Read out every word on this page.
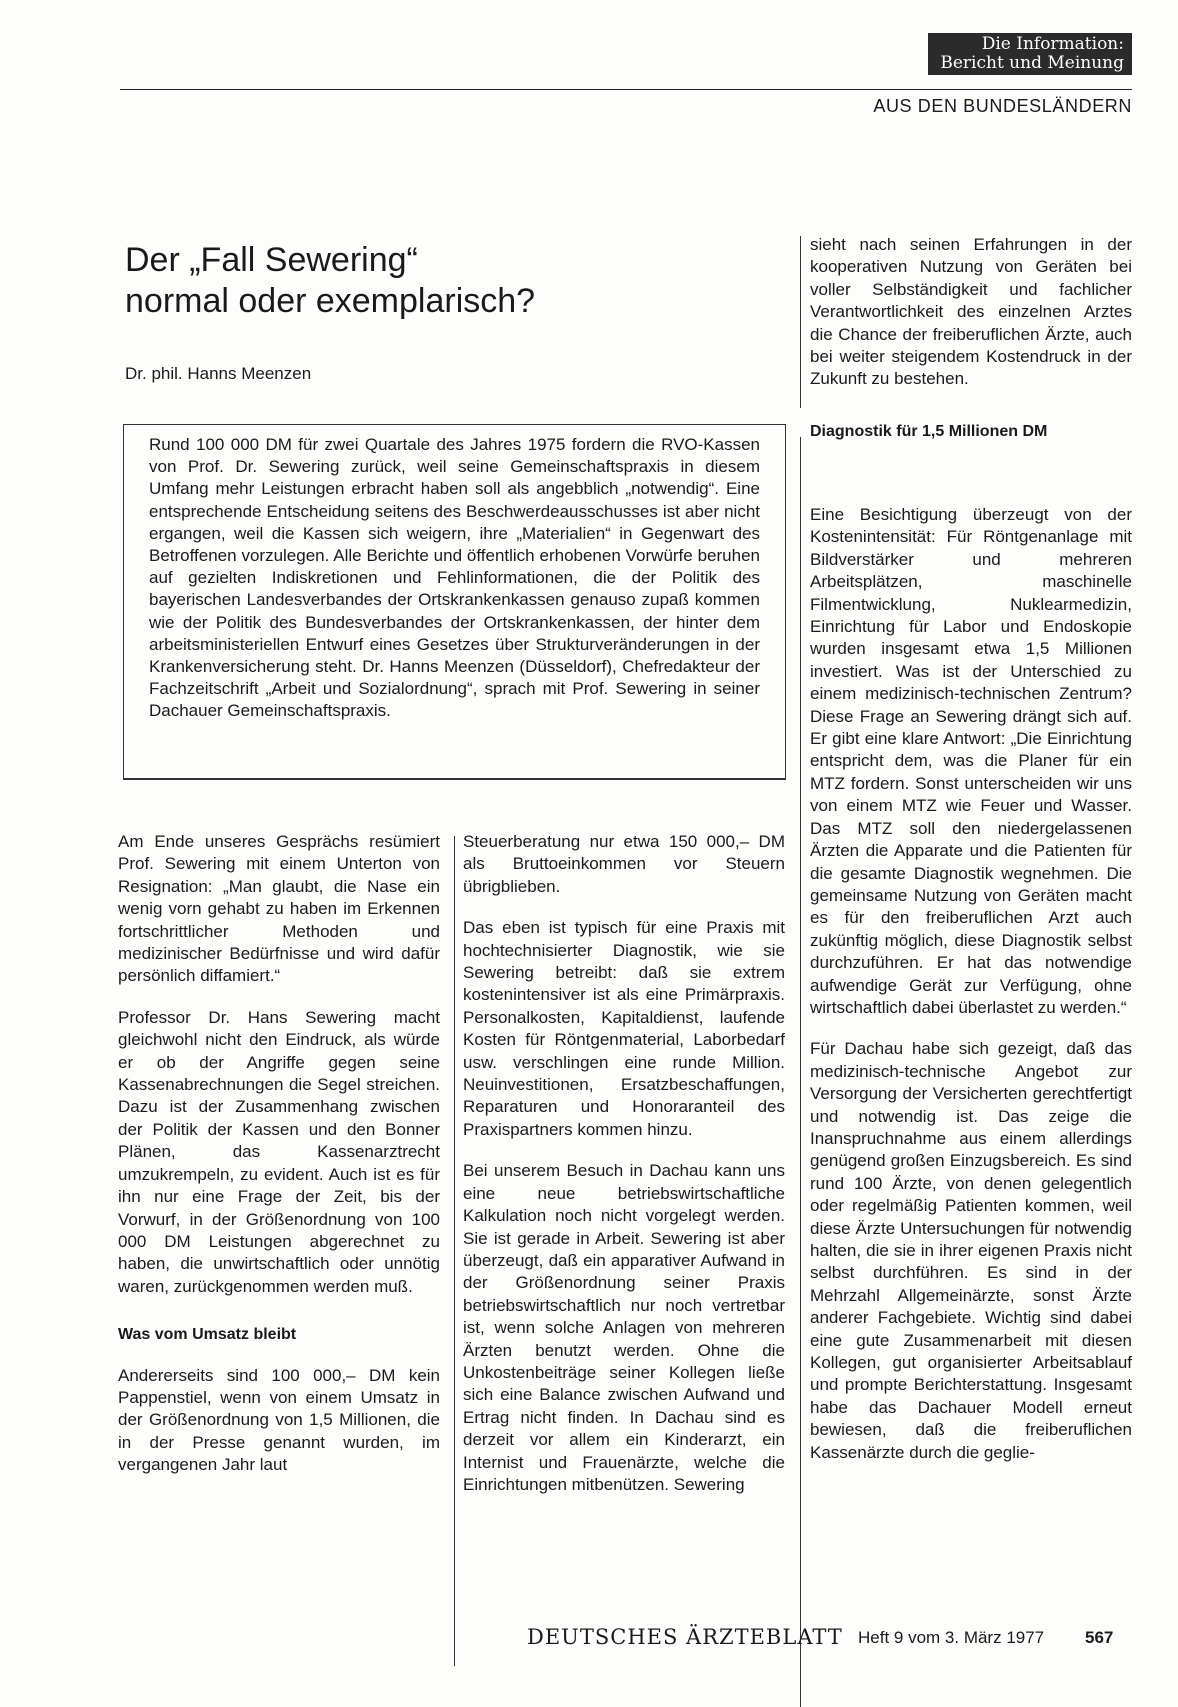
Die Information:
Bericht und Meinung
AUS DEN BUNDESLÄNDERN
Der „Fall Sewering“
normal oder exemplarisch?
Dr. phil. Hanns Meenzen

Rund 100 000 DM für zwei Quartale des Jahres 1975 fordern die RVO-Kassen von Prof. Dr. Sewering zurück, weil seine Gemeinschaftspraxis in diesem Umfang mehr Leistungen erbracht haben soll als angebblich „notwendig“. Eine entsprechende Entscheidung seitens des Beschwerdeausschusses ist aber nicht ergangen, weil die Kassen sich weigern, ihre „Materialien“ in Gegenwart des Betroffenen vorzulegen. Alle Berichte und öffentlich erhobenen Vorwürfe beruhen auf gezielten Indiskretionen und Fehlinformationen, die der Politik des bayerischen Landesverbandes der Ortskrankenkassen genauso zupaß kommen wie der Politik des Bundesverbandes der Ortskrankenkassen, der hinter dem arbeitsministeriellen Entwurf eines Gesetzes über Strukturveränderungen in der Krankenversicherung steht. Dr. Hanns Meenzen (Düsseldorf), Chefredakteur der Fachzeitschrift „Arbeit und Sozialordnung“, sprach mit Prof. Sewering in seiner Dachauer Gemeinschaftspraxis.

Am Ende unseres Gesprächs resümiert Prof. Sewering mit einem Unterton von Resignation: „Man glaubt, die Nase ein wenig vorn gehabt zu haben im Erkennen fortschrittlicher Methoden und medizinischer Bedürfnisse und wird dafür persönlich diffamiert.“

Professor Dr. Hans Sewering macht gleichwohl nicht den Eindruck, als würde er ob der Angriffe gegen seine Kassenabrechnungen die Segel streichen. Dazu ist der Zusammenhang zwischen der Politik der Kassen und den Bonner Plänen, das Kassenarztrecht umzukrempeln, zu evident. Auch ist es für ihn nur eine Frage der Zeit, bis der Vorwurf, in der Größenordnung von 100 000 DM Leistungen abgerechnet zu haben, die unwirtschaftlich oder unnötig waren, zurückgenommen werden muß.

Was vom Umsatz bleibt

Andererseits sind 100 000,– DM kein Pappenstiel, wenn von einem Umsatz in der Größenordnung von 1,5 Millionen, die in der Presse genannt wurden, im vergangenen Jahr laut

Steuerberatung nur etwa 150 000,– DM als Bruttoeinkommen vor Steuern übrigblieben.

Das eben ist typisch für eine Praxis mit hochtechnisierter Diagnostik, wie sie Sewering betreibt: daß sie extrem kostenintensiver ist als eine Primärpraxis. Personalkosten, Kapitaldienst, laufende Kosten für Röntgenmaterial, Laborbedarf usw. verschlingen eine runde Million. Neuinvestitionen, Ersatzbeschaffungen, Reparaturen und Honoraranteil des Praxispartners kommen hinzu.

Bei unserem Besuch in Dachau kann uns eine neue betriebswirtschaftliche Kalkulation noch nicht vorgelegt werden. Sie ist gerade in Arbeit. Sewering ist aber überzeugt, daß ein apparativer Aufwand in der Größenordnung seiner Praxis betriebswirtschaftlich nur noch vertretbar ist, wenn solche Anlagen von mehreren Ärzten benutzt werden. Ohne die Unkostenbeiträge seiner Kollegen ließe sich eine Balance zwischen Aufwand und Ertrag nicht finden. In Dachau sind es derzeit vor allem ein Kinderarzt, ein Internist und Frauenärzte, welche die Einrichtungen mitbenützen. Sewering

sieht nach seinen Erfahrungen in der kooperativen Nutzung von Geräten bei voller Selbständigkeit und fachlicher Verantwortlichkeit des einzelnen Arztes die Chance der freiberuflichen Ärzte, auch bei weiter steigendem Kostendruck in der Zukunft zu bestehen.

Diagnostik für 1,5 Millionen DM

Eine Besichtigung überzeugt von der Kostenintensität: Für Röntgenanlage mit Bildverstärker und mehreren Arbeitsplätzen, maschinelle Filmentwicklung, Nuklearmedizin, Einrichtung für Labor und Endoskopie wurden insgesamt etwa 1,5 Millionen investiert. Was ist der Unterschied zu einem medizinisch-technischen Zentrum? Diese Frage an Sewering drängt sich auf. Er gibt eine klare Antwort: „Die Einrichtung entspricht dem, was die Planer für ein MTZ fordern. Sonst unterscheiden wir uns von einem MTZ wie Feuer und Wasser. Das MTZ soll den niedergelassenen Ärzten die Apparate und die Patienten für die gesamte Diagnostik wegnehmen. Die gemeinsame Nutzung von Geräten macht es für den freiberuflichen Arzt auch zukünftig möglich, diese Diagnostik selbst durchzuführen. Er hat das notwendige aufwendige Gerät zur Verfügung, ohne wirtschaftlich dabei überlastet zu werden.“

Für Dachau habe sich gezeigt, daß das medizinisch-technische Angebot zur Versorgung der Versicherten gerechtfertigt und notwendig ist. Das zeige die Inanspruchnahme aus einem allerdings genügend großen Einzugsbereich. Es sind rund 100 Ärzte, von denen gelegentlich oder regelmäßig Patienten kommen, weil diese Ärzte Untersuchungen für notwendig halten, die sie in ihrer eigenen Praxis nicht selbst durchführen. Es sind in der Mehrzahl Allgemeinärzte, sonst Ärzte anderer Fachgebiete. Wichtig sind dabei eine gute Zusammenarbeit mit diesen Kollegen, gut organisierter Arbeitsablauf und prompte Berichterstattung. Insgesamt habe das Dachauer Modell erneut bewiesen, daß die freiberuflichen Kassenärzte durch die geglie-

DEUTSCHES ÄRZTEBLATT Heft 9 vom 3. März 1977 567
